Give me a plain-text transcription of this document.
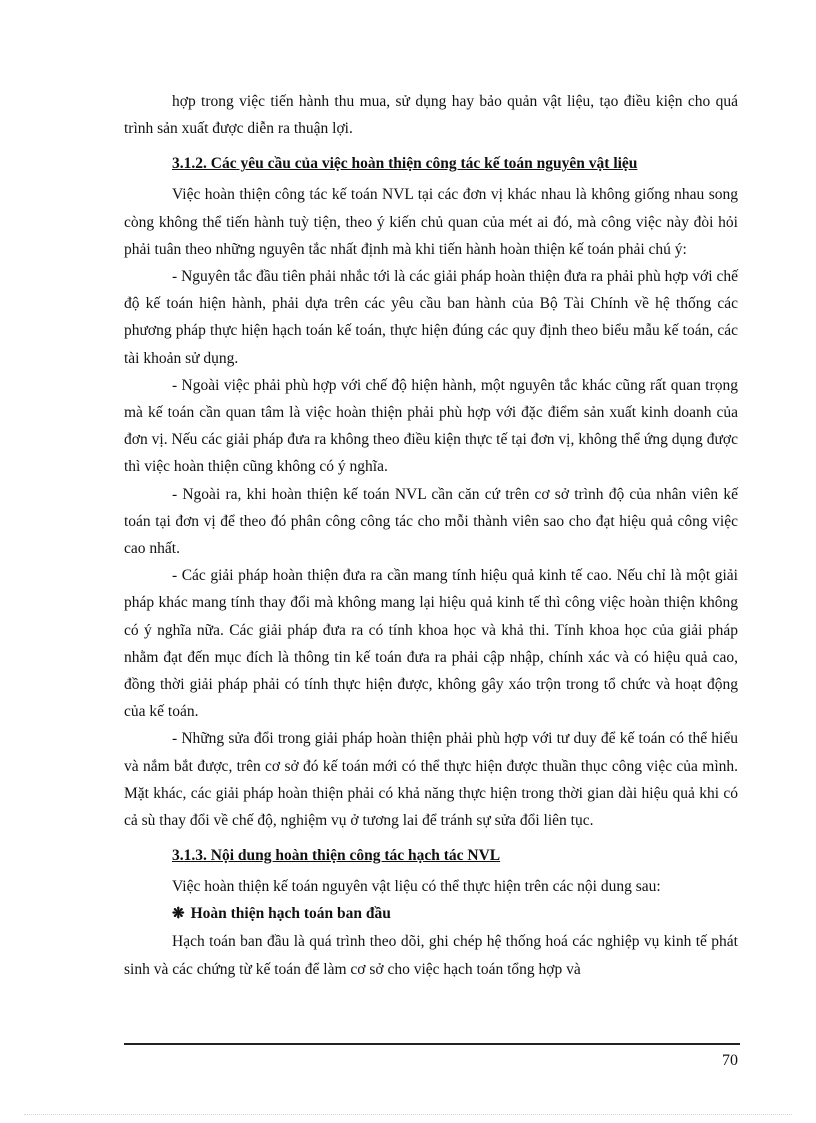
hợp trong việc tiến hành thu mua, sử dụng hay bảo quản vật liệu, tạo điều kiện cho quá trình sản xuất được diễn ra thuận lợi.

3.1.2. Các yêu cầu của việc hoàn thiện công tác kế toán nguyên vật liệu

Việc hoàn thiện công tác kế toán NVL tại các đơn vị khác nhau là không giống nhau song còng không thể tiến hành tuỳ tiện, theo ý kiến chủ quan của mét ai đó, mà công việc này đòi hỏi phải tuân theo những nguyên tắc nhất định mà khi tiến hành hoàn thiện kế toán phải chú ý:

- Nguyên tắc đầu tiên phải nhắc tới là các giải pháp hoàn thiện đưa ra phải phù hợp với chế độ kế toán hiện hành, phải dựa trên các yêu cầu ban hành của Bộ Tài Chính về hệ thống các phương pháp thực hiện hạch toán kế toán, thực hiện đúng các quy định theo biểu mẫu kế toán, các tài khoản sử dụng.

- Ngoài việc phải phù hợp với chế độ hiện hành, một nguyên tắc khác cũng rất quan trọng mà kế toán cần quan tâm là việc hoàn thiện phải phù hợp với đặc điểm sản xuất kinh doanh của đơn vị. Nếu các giải pháp đưa ra không theo điều kiện thực tế tại đơn vị, không thể ứng dụng được thì việc hoàn thiện cũng không có ý nghĩa.

- Ngoài ra, khi hoàn thiện kế toán NVL cần căn cứ trên cơ sở trình độ của nhân viên kế toán tại đơn vị để theo đó phân công công tác cho mỗi thành viên sao cho đạt hiệu quả công việc cao nhất.

- Các giải pháp hoàn thiện đưa ra cần mang tính hiệu quả kinh tế cao. Nếu chỉ là một giải pháp khác mang tính thay đổi mà không mang lại hiệu quả kinh tế thì công việc hoàn thiện không có ý nghĩa nữa. Các giải pháp đưa ra có tính khoa học và khả thi. Tính khoa học của giải pháp nhằm đạt đến mục đích là thông tin kế toán đưa ra phải cập nhập, chính xác và có hiệu quả cao, đồng thời giải pháp phải có tính thực hiện được, không gây xáo trộn trong tổ chức và hoạt động của kế toán.

- Những sửa đổi trong giải pháp hoàn thiện phải phù hợp với tư duy để kế toán có thể hiểu và nắm bắt được, trên cơ sở đó kế toán mới có thể thực hiện được thuần thục công việc của mình. Mặt khác, các giải pháp hoàn thiện phải có khả năng thực hiện trong thời gian dài hiệu quả khi có cả sù thay đổi về chế độ, nghiệm vụ ở tương lai để tránh sự sửa đổi liên tục.

3.1.3. Nội dung hoàn thiện công tác hạch tác NVL

Việc hoàn thiện kế toán nguyên vật liệu có thể thực hiện trên các nội dung sau:

❋ Hoàn thiện hạch toán ban đầu

Hạch toán ban đầu là quá trình theo dõi, ghi chép hệ thống hoá các nghiệp vụ kinh tế phát sinh và các chứng từ kế toán để làm cơ sở cho việc hạch toán tổng hợp và

70
